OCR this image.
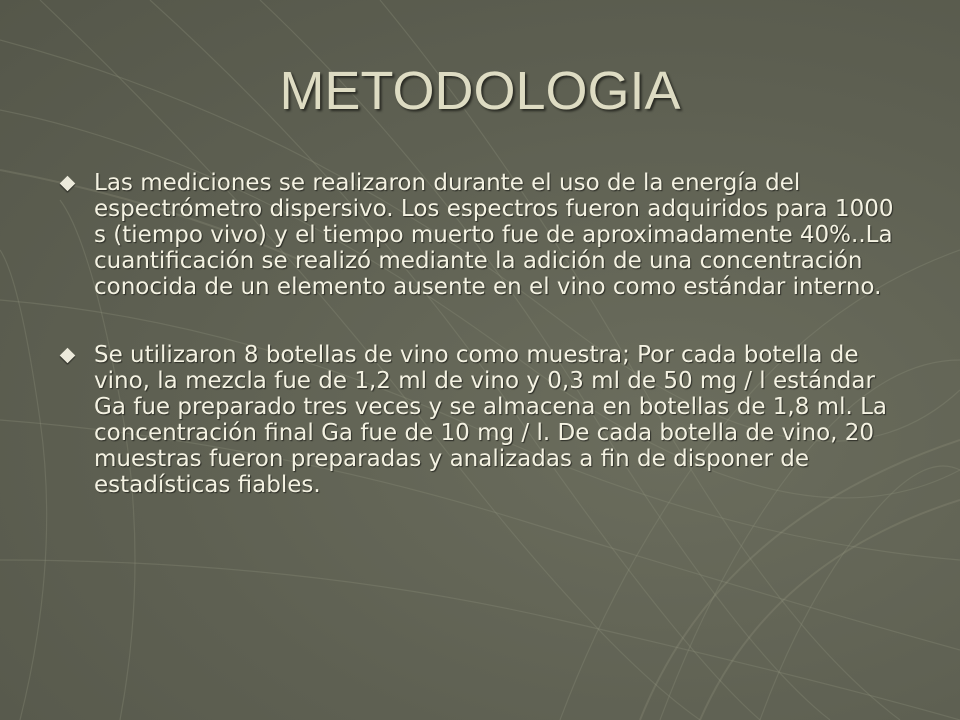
METODOLOGIA
Las mediciones se realizaron durante el uso de la energía del espectrómetro dispersivo. Los espectros fueron adquiridos para 1000 s (tiempo vivo) y el tiempo muerto fue de aproximadamente 40%..La cuantificación se realizó mediante la adición de una concentración conocida de un elemento ausente en el vino como estándar interno.
Se utilizaron 8 botellas de vino como muestra; Por cada botella de vino, la mezcla fue de 1,2 ml de vino y 0,3 ml de 50 mg / l estándar Ga fue preparado tres veces y se almacena en botellas de 1,8 ml. La concentración final Ga fue de 10 mg / l. De cada botella de vino, 20 muestras fueron preparadas y analizadas a fin de disponer de estadísticas fiables.
